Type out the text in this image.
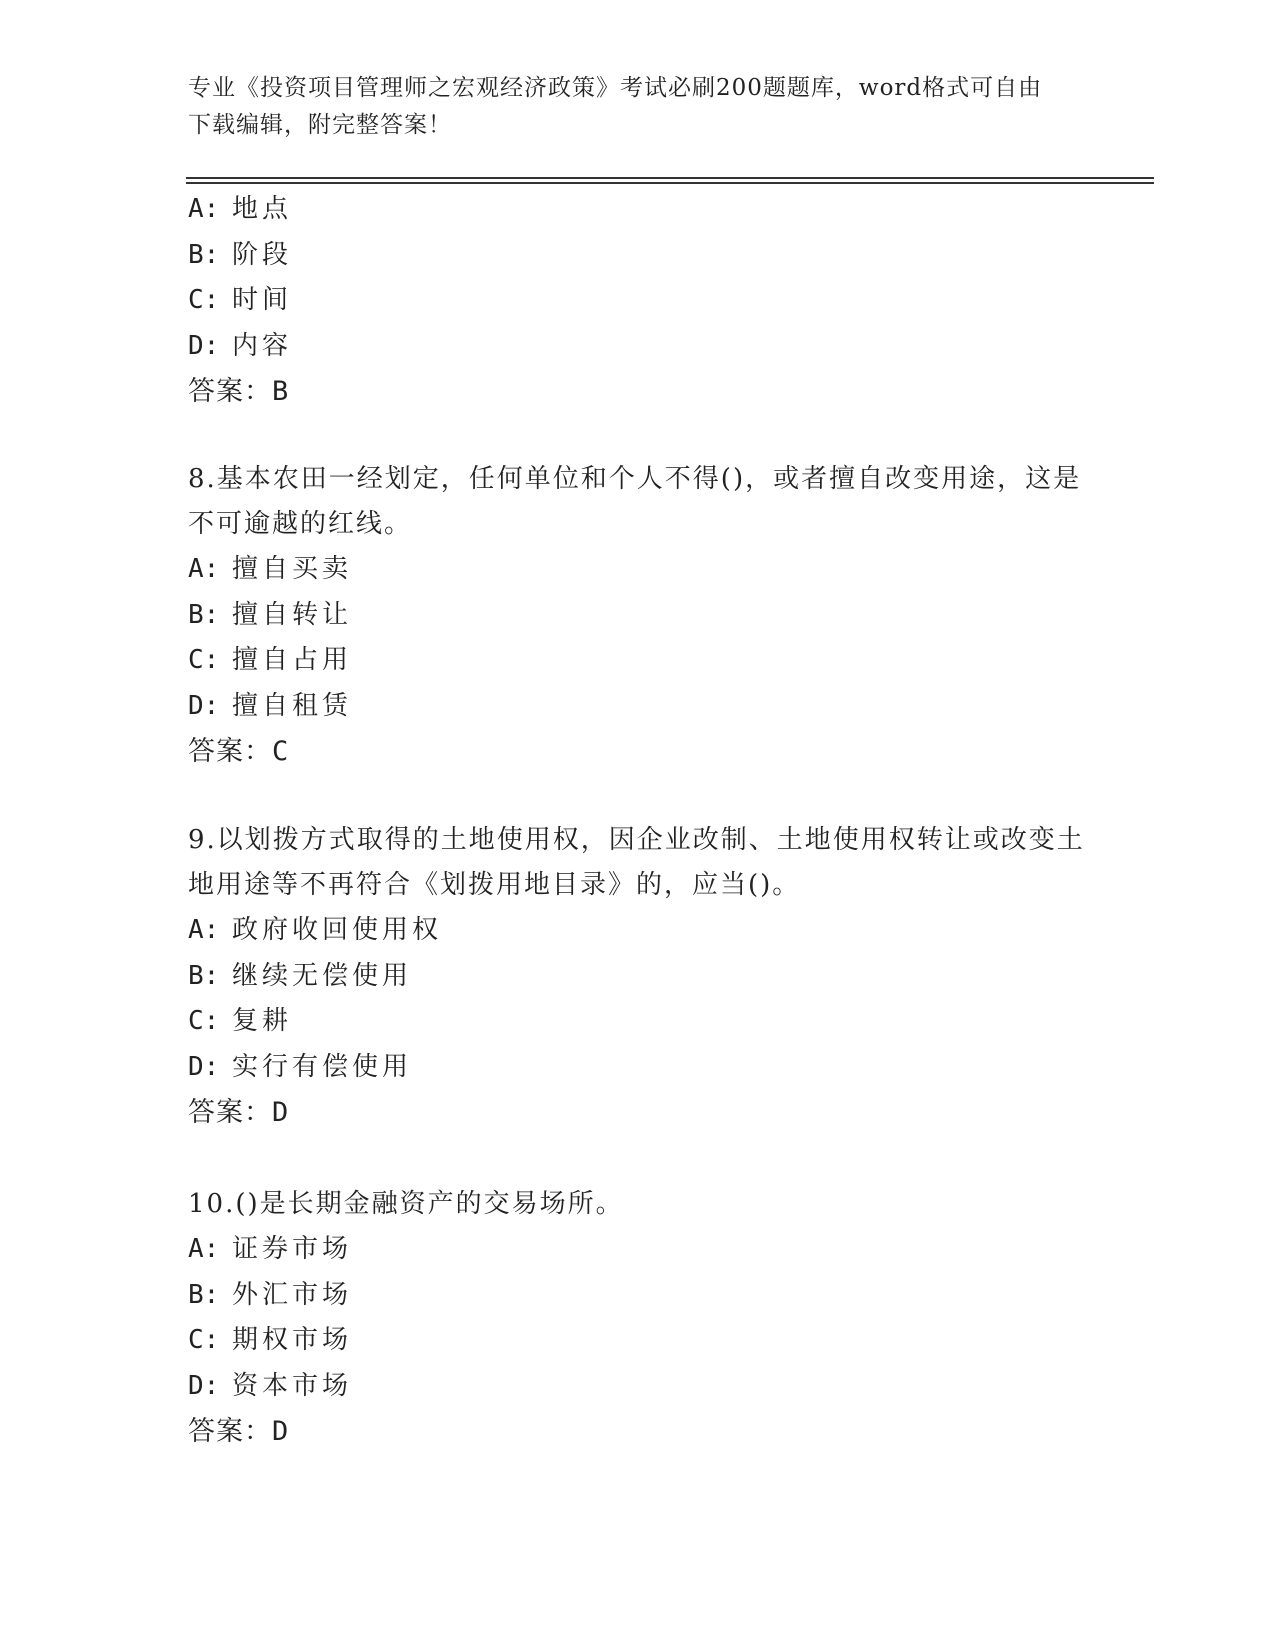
专业《投资项目管理师之宏观经济政策》考试必刷200题题库，word格式可自由
下载编辑，附完整答案！
A: 地点
B: 阶段
C: 时间
D: 内容
答案：B

8.基本农田一经划定，任何单位和个人不得()，或者擅自改变用途，这是不可逾越的红线。

A: 擅自买卖
B: 擅自转让
C: 擅自占用
D: 擅自租赁
答案：C

9.以划拨方式取得的土地使用权，因企业改制、土地使用权转让或改变土地用途等不再符合《划拨用地目录》的，应当()。

A: 政府收回使用权
B: 继续无偿使用
C: 复耕
D: 实行有偿使用
答案：D

10.()是长期金融资产的交易场所。

A: 证券市场
B: 外汇市场
C: 期权市场
D: 资本市场
答案：D
